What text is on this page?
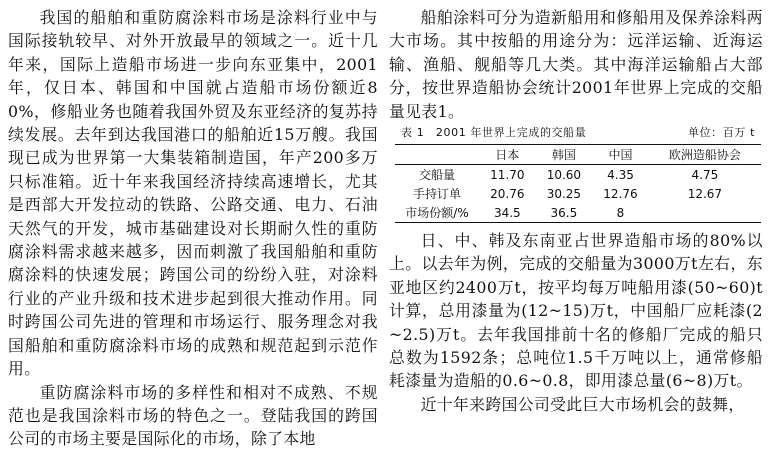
我国的船舶和重防腐涂料市场是涂料行业中与国际接轨较早、对外开放最早的领域之一。近十几年来，国际上造船市场进一步向东亚集中，2001年，仅日本、韩国和中国就占造船市场份额近80%，修船业务也随着我国外贸及东亚经济的复苏持续发展。去年到达我国港口的船舶近15万艘。我国现已成为世界第一大集装箱制造国，年产200多万只标准箱。近十年来我国经济持续高速增长，尤其是西部大开发拉动的铁路、公路交通、电力、石油天然气的开发，城市基础建设对长期耐久性的重防腐涂料需求越来越多，因而刺激了我国船舶和重防腐涂料的快速发展；跨国公司的纷纷入驻，对涂料行业的产业升级和技术进步起到很大推动作用。同时跨国公司先进的管理和市场运行、服务理念对我国船舶和重防腐涂料市场的成熟和规范起到示范作用。

重防腐涂料市场的多样性和相对不成熟、不规范也是我国涂料市场的特色之一。登陆我国的跨国公司的市场主要是国际化的市场，除了本地

船舶涂料可分为造新船用和修船用及保养涂料两大市场。其中按船的用途分为：远洋运输、近海运输、渔船、舰船等几大类。其中海洋运输船占大部分，按世界造船协会统计2001年世界上完成的交船量见表1。

表 1　2001 年世界上完成的交船量	单位：百万 t
	日本	韩国	中国	欧洲造船协会
交船量	11.70	10.60	4.35	4.75
手持订单	20.76	30.25	12.76	12.67
市场份额/%	34.5	36.5	8	

日、中、韩及东南亚占世界造船市场的80%以上。以去年为例，完成的交船量为3000万t左右，东亚地区约2400万t，按平均每万吨船用漆(50~60)t计算，总用漆量为(12~15)万t，中国船厂应耗漆(2~2.5)万t。去年我国排前十名的修船厂完成的船只总数为1592条；总吨位1.5千万吨以上，通常修船耗漆量为造船的0.6~0.8，即用漆总量(6~8)万t。

近十年来跨国公司受此巨大市场机会的鼓舞，
